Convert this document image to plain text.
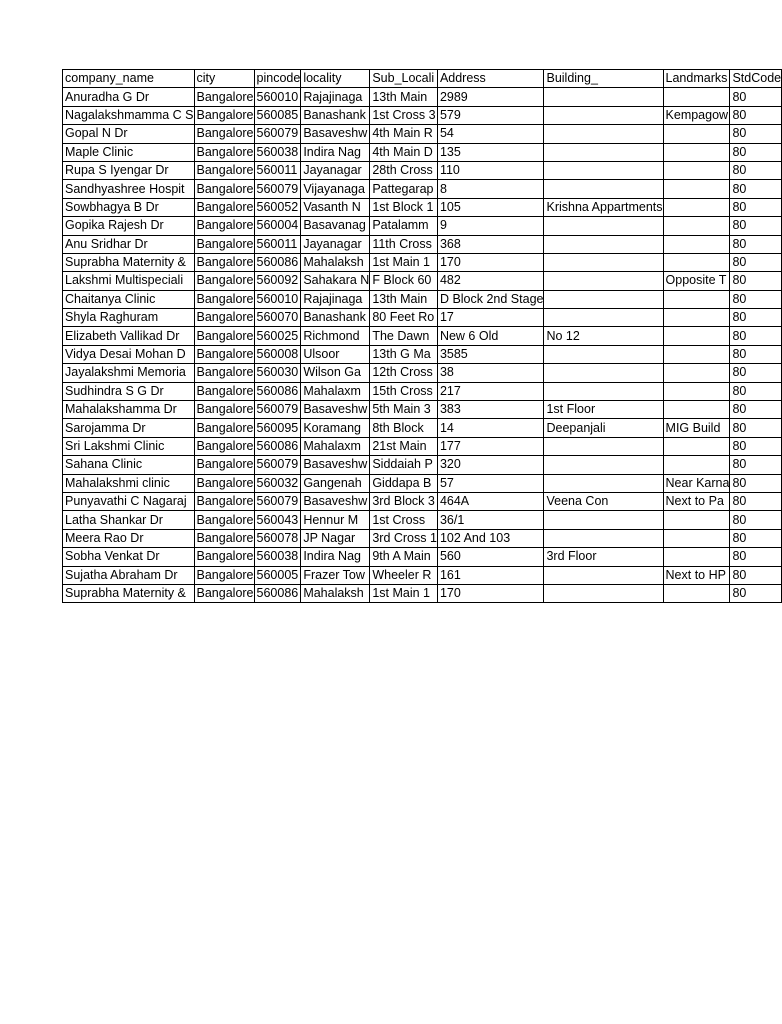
company_name	city	pincode	locality	Sub_Locali	Address	Building_	Landmarks	StdCode
Anuradha G Dr	Bangalore	560010	Rajajinaga	13th Main	2989			80
Nagalakshmamma C S	Bangalore	560085	Banashank	1st Cross 3	579		Kempagow	80
Gopal N Dr	Bangalore	560079	Basaveshw	4th Main R	54			80
Maple Clinic	Bangalore	560038	Indira Nag	4th Main D	135			80
Rupa S Iyengar Dr	Bangalore	560011	Jayanagar	28th Cross	110			80
Sandhyashree Hospit	Bangalore	560079	Vijayanaga	Pattegarap	8			80
Sowbhagya B Dr	Bangalore	560052	Vasanth N	1st Block 1	105	Krishna Appartments		80
Gopika Rajesh Dr	Bangalore	560004	Basavanag	Patalamm	9			80
Anu Sridhar Dr	Bangalore	560011	Jayanagar	11th Cross	368			80
Suprabha Maternity &	Bangalore	560086	Mahalaksh	1st Main 1	170			80
Lakshmi Multispeciali	Bangalore	560092	Sahakara N	F Block 60	482		Opposite T	80
Chaitanya Clinic	Bangalore	560010	Rajajinaga	13th Main	D Block 2nd Stage			80
Shyla Raghuram	Bangalore	560070	Banashank	80 Feet Ro	17			80
Elizabeth Vallikad Dr	Bangalore	560025	Richmond	The Dawn	New 6 Old	No 12		80
Vidya Desai Mohan D	Bangalore	560008	Ulsoor	13th G Ma	3585			80
Jayalakshmi Memoria	Bangalore	560030	Wilson Ga	12th Cross	38			80
Sudhindra S G Dr	Bangalore	560086	Mahalaxm	15th Cross	217			80
Mahalakshamma Dr	Bangalore	560079	Basaveshw	5th Main 3	383	1st Floor		80
Sarojamma Dr	Bangalore	560095	Koramang	8th Block	14	Deepanjali	MIG Build	80
Sri Lakshmi Clinic	Bangalore	560086	Mahalaxm	21st Main	177			80
Sahana Clinic	Bangalore	560079	Basaveshw	Siddaiah P	320			80
Mahalakshmi clinic	Bangalore	560032	Gangenah	Giddapa B	57		Near Karna	80
Punyavathi C Nagaraj	Bangalore	560079	Basaveshw	3rd Block 3	464A	Veena Con	Next to Pa	80
Latha Shankar Dr	Bangalore	560043	Hennur M	1st Cross	36/1			80
Meera Rao Dr	Bangalore	560078	JP Nagar	3rd Cross 1	102 And 103			80
Sobha Venkat Dr	Bangalore	560038	Indira Nag	9th A Main	560	3rd Floor		80
Sujatha Abraham Dr	Bangalore	560005	Frazer Tow	Wheeler R	161		Next to HP	80
Suprabha Maternity &	Bangalore	560086	Mahalaksh	1st Main 1	170			80
